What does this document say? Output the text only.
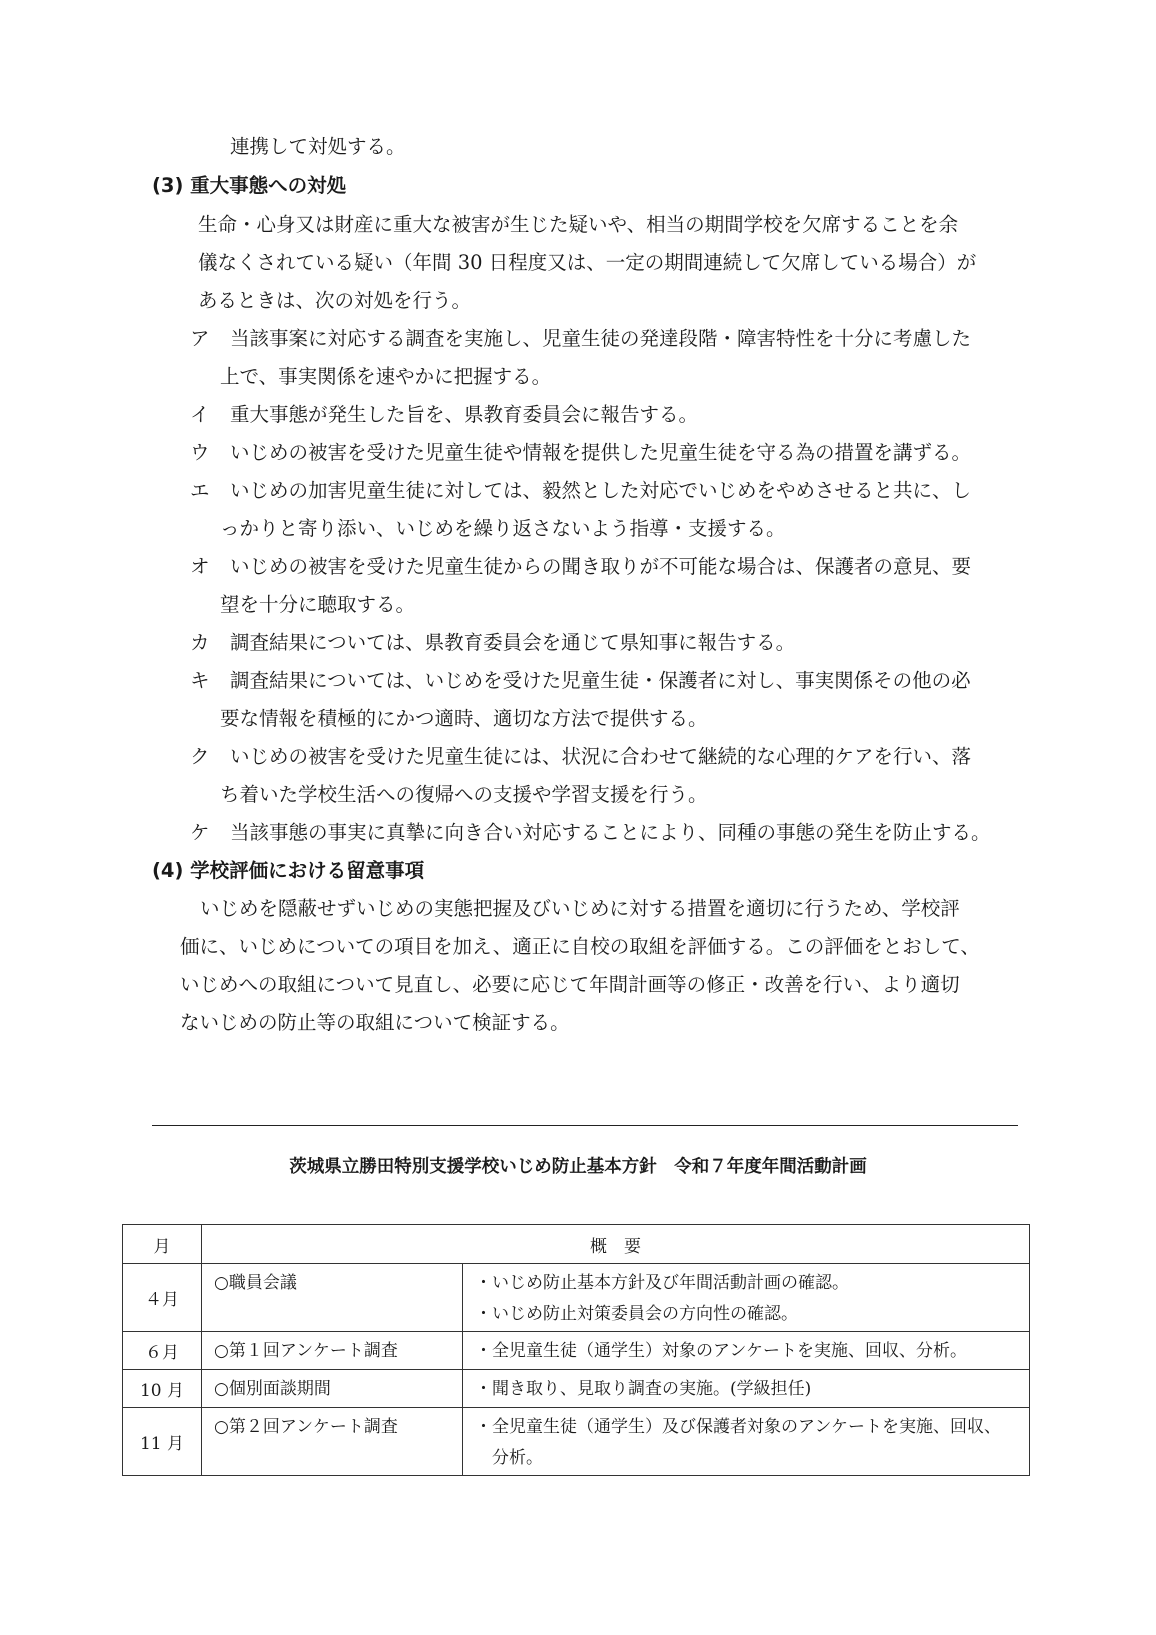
連携して対処する。
(3) 重大事態への対処
生命・心身又は財産に重大な被害が生じた疑いや、相当の期間学校を欠席することを余
儀なくされている疑い（年間 30 日程度又は、一定の期間連続して欠席している場合）が
あるときは、次の対処を行う。
ア 当該事案に対応する調査を実施し、児童生徒の発達段階・障害特性を十分に考慮した
上で、事実関係を速やかに把握する。
イ 重大事態が発生した旨を、県教育委員会に報告する。
ウ いじめの被害を受けた児童生徒や情報を提供した児童生徒を守る為の措置を講ずる。
エ いじめの加害児童生徒に対しては、毅然とした対応でいじめをやめさせると共に、し
っかりと寄り添い、いじめを繰り返さないよう指導・支援する。
オ いじめの被害を受けた児童生徒からの聞き取りが不可能な場合は、保護者の意見、要
望を十分に聴取する。
カ 調査結果については、県教育委員会を通じて県知事に報告する。
キ 調査結果については、いじめを受けた児童生徒・保護者に対し、事実関係その他の必
要な情報を積極的にかつ適時、適切な方法で提供する。
ク いじめの被害を受けた児童生徒には、状況に合わせて継続的な心理的ケアを行い、落
ち着いた学校生活への復帰への支援や学習支援を行う。
ケ 当該事態の事実に真摯に向き合い対応することにより、同種の事態の発生を防止する。
(4) 学校評価における留意事項
いじめを隠蔽せずいじめの実態把握及びいじめに対する措置を適切に行うため、学校評
価に、いじめについての項目を加え、適正に自校の取組を評価する。この評価をとおして、
いじめへの取組について見直し、必要に応じて年間計画等の修正・改善を行い、より適切
ないじめの防止等の取組について検証する。
茨城県立勝田特別支援学校いじめ防止基本方針　令和７年度年間活動計画
月	概　要	
４月	○職員会議	・いじめ防止基本方針及び年間活動計画の確認。
・いじめ防止対策委員会の方向性の確認。

６月	○第１回アンケート調査	・全児童生徒（通学生）対象のアンケートを実施、回収、分析。

10 月	○個別面談期間	・聞き取り、見取り調査の実施。(学級担任)

11 月	○第２回アンケート調査	・全児童生徒（通学生）及び保護者対象のアンケートを実施、回収、
　分析。
